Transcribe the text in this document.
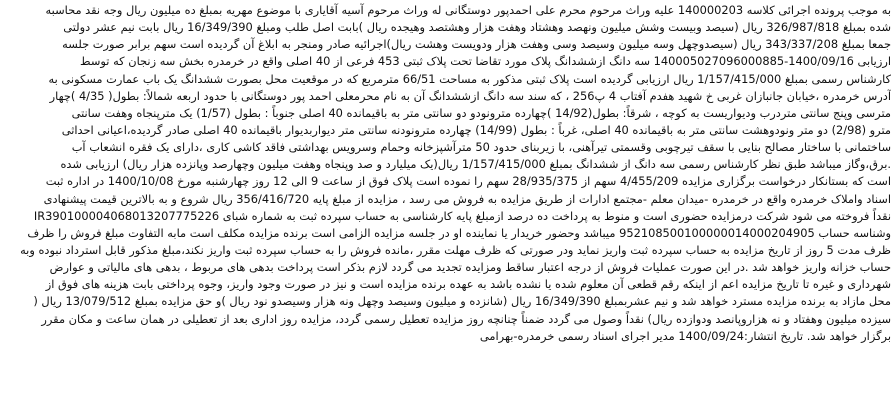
به موجب پرونده اجرائی کلاسه 140000203 علیه وراث مرحوم محرم علی احمدپور دوستگانی له وراث مرحوم آسیه آقایاری با موضوع مهریه بمبلغ ده میلیون ریال وجه نقد محاسبه
شده بمبلغ 326/987/818 ریال (سیصد وبیست وشش میلیون ونهصد وهشتاد وهفت هزار وهشتصد وهیجده ریال )بابت اصل طلب ومبلغ 16/349/390 ریال بابت نیم عشر دولتی
جمعا بمبلغ 343/337/208 ریال (سیصدوچهل وسه میلیون وسیصد وسی وهفت هزار ودویست وهشت ریال)اجرائیه صادر ومنجر به ابلاغ آن گردیده است سهم برابر صورت جلسه
ارزیابی 1400/09/16-140005027096000885 سه دانگ ازششدانگ پلاک مورد تقاضا تحت پلاک ثبتی 453 فرعی از 40 اصلی واقع در خرمدره بخش سه زنجان که توسط
کارشناس رسمی بمبلغ 1/157/415/000 ریال ارزیابی گردیده است پلاک ثبتی مذکور به مساحت 66/51 مترمربع که در موقعیت محل بصورت ششدانگ یک باب عمارت مسکونی به
آدرس خرمدره ،خیابان جانبازان غربی خ شهید هفدم آفتاب 4 پ256 ، که سند سه دانگ ازششدانگ آن به نام محرمعلی احمد پور دوستگانی با حدود اربعه شمالاً: بطول( 4/35 )چهار
مترسی وپنج سانتی متردرب ودیواریست به کوچه ، شرقاً: بطول(14/92 )چهارده مترونودو دو سانتی متر به باقیمانده 40 اصلی جنوباً : بطول (1/57) یک مترپنجاه وهفت سانتی
مترو (2/98) دو متر ونودوهشت سانتی متر به باقیمانده 40 اصلی، غرباً : بطول (14/99) چهارده مترونودنه سانتی متر دیواربدیوار باقیمانده 40 اصلی صادر گردیده،اعیانی احداثی
ساختمانی با ساختار مصالح بنایی با سقف تیرچوبی وقسمتی تیرآهنی، با زیربنای حدود 50 مترآشپزخانه وحمام وسرویس بهداشتی فاقد کاشی کاری ،دارای یک فقره انشعاب آب
.برق،وگاز میباشد طبق نظر کارشناس رسمی سه دانگ از ششدانگ بمبلغ 1/157/415/000 ریال(یک میلیارد و صد وپنجاه وهفت میلیون وچهارصد وپانزده هزار ریال) ارزیابی شده
است که بستانکار درخواست برگزاری مزایده 4/455/209 سهم از 28/935/375 سهم را نموده است پلاک فوق از ساعت 9 الی 12 روز چهارشنبه مورخ 1400/10/08 در اداره ثبت
اسناد واملاک خرمدره واقع در خرمدره -میدان معلم -مجتمع ادارات از طریق مزایده به فروش می رسد ، مزایده از مبلغ پایه 356/416/720 ریال شروع و به بالاترین قیمت پیشنهادی
نقداً فروخته می شود شرکت درمزایده حضوری است و منوط به پرداخت ده درصد ازمبلغ پایه کارشناسی به حساب سپرده ثبت به شماره شبای IR390100004068013207775226
وشناسه حساب 952108500100000014000204905 میباشد وحضور خریدار یا نماینده او در جلسه مزایده الزامی است برنده مزایده مکلف است مابه التفاوت مبلغ فروش را ظرف
ظرف مدت 5 روز از تاریخ مزایده به حساب سپرده ثبت واریز نماید ودر صورتی که ظرف مهلت مقرر ،مانده فروش را به حساب سپرده ثبت واریز نکند،مبلغ مذکور قابل استرداد نبوده وبه
حساب خزانه واریز خواهد شد .در این صورت عملیات فروش از درجه اعتبار ساقط ومزایده تجدید می گردد لازم بذکر است پرداخت بدهی های مربوط ، بدهی های مالیاتی و عوارض
شهرداری و غیره تا تاریخ مزایده اعم از اینکه رقم قطعی آن معلوم شده یا نشده باشد به عهده برنده مزایده است و نیز در صورت وجود واریز، وجوه پرداختی بابت هزینه های فوق از
محل مازاد به برنده مزایده مسترد خواهد شد و نیم عشربمبلغ 16/349/390 ریال (شانزده و میلیون وسیصد وچهل ونه هزار وسیصدو نود ریال )و حق مزایده بمبلغ 13/079/512 ریال (
سیزده میلیون وهفتاد و نه هزاروپانصد ودوازده ریال) نقداً وصول می گردد ضمناً چنانچه روز مزایده تعطیل رسمی گردد، مزایده روز اداری بعد از تعطیلی در همان ساعت و مکان مقرر
برگزار خواهد شد. تاریخ انتشار:1400/09/24 مدیر اجرای اسناد رسمی خرمدره-بهرامی
